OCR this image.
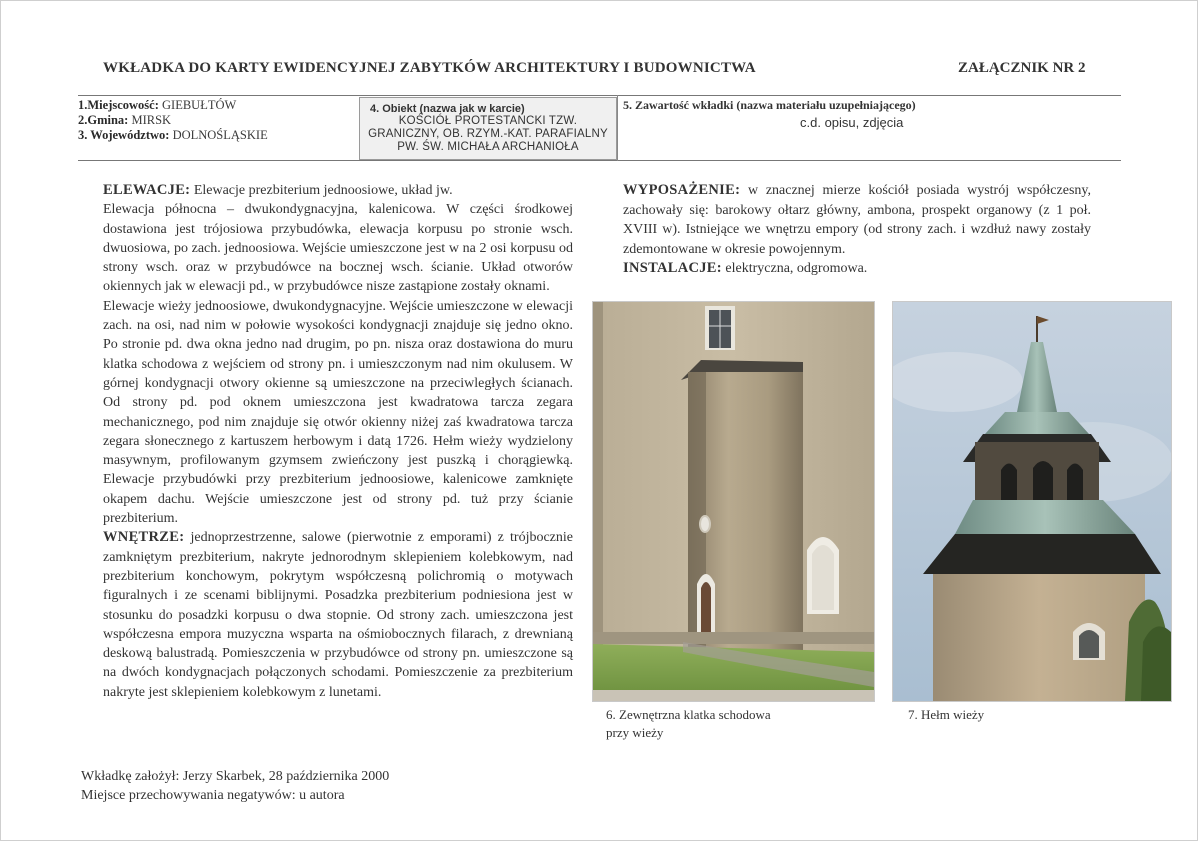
WKŁADKA DO KARTY EWIDENCYJNEJ ZABYTKÓW ARCHITEKTURY I BUDOWNICTWA	ZAŁĄCZNIK NR 2
1.Miejscowość: GIEBUŁTÓW
2.Gmina: MIRSK
3. Województwo: DOLNOŚLĄSKIE
4. Obiekt (nazwa jak w karcie)
KOŚCIÓŁ PROTESTANCKI TZW.
GRANICZNY, OB. RZYM.-KAT. PARAFIALNY
PW. ŚW. MICHAŁA ARCHANIOŁA
5. Zawartość wkładki (nazwa materiału uzupełniającego)
c.d. opisu, zdjęcia

ELEWACJE: Elewacje prezbiterium jednoosiowe, układ jw.

Elewacja północna – dwukondygnacyjna, kalenicowa. W części środkowej dostawiona jest trójosiowa przybudówka, elewacja korpusu po stronie wsch. dwuosiowa, po zach. jednoosiowa. Wejście umieszczone jest w na 2 osi korpusu od strony wsch. oraz w przybudówce na bocznej wsch. ścianie. Układ otworów okiennych jak w elewacji pd., w przybudówce nisze zastąpione zostały oknami.

Elewacje wieży jednoosiowe, dwukondygnacyjne. Wejście umieszczone w elewacji zach. na osi, nad nim w połowie wysokości kondygnacji znajduje się jedno okno. Po stronie pd. dwa okna jedno nad drugim, po pn. nisza oraz dostawiona do muru klatka schodowa z wejściem od strony pn. i umieszczonym nad nim okulusem. W górnej kondygnacji otwory okienne są umieszczone na przeciwległych ścianach. Od strony pd. pod oknem umieszczona jest kwadratowa tarcza zegara mechanicznego, pod nim znajduje się otwór okienny niżej zaś kwadratowa tarcza zegara słonecznego z kartuszem herbowym i datą 1726. Hełm wieży wydzielony masywnym, profilowanym gzymsem zwieńczony jest puszką i chorągiewką. Elewacje przybudówki przy prezbiterium jednoosiowe, kalenicowe zamknięte okapem dachu. Wejście umieszczone jest od strony pd. tuż przy ścianie prezbiterium.

WNĘTRZE: jednoprzestrzenne, salowe (pierwotnie z emporami) z trójbocznie zamkniętym prezbiterium, nakryte jednorodnym sklepieniem kolebkowym, nad prezbiterium konchowym, pokrytym współczesną polichromią o motywach figuralnych i ze scenami biblijnymi. Posadzka prezbiterium podniesiona jest w stosunku do posadzki korpusu o dwa stopnie. Od strony zach. umieszczona jest współczesna empora muzyczna wsparta na ośmiobocznych filarach, z drewnianą deskową balustradą. Pomieszczenia w przybudówce od strony pn. umieszczone są na dwóch kondygnacjach połączonych schodami. Pomieszczenie za prezbiterium nakryte jest sklepieniem kolebkowym z lunetami.

WYPOSAŻENIE: w znacznej mierze kościół posiada wystrój współczesny, zachowały się: barokowy ołtarz główny, ambona, prospekt organowy (z 1 poł. XVIII w). Istniejące we wnętrzu empory (od strony zach. i wzdłuż nawy zostały zdemontowane w okresie powojennym.

INSTALACJE: elektryczna, odgromowa.

6. Zewnętrzna klatka schodowa
przy wieży
7. Hełm wieży
Wkładkę założył: Jerzy Skarbek, 28 października 2000
Miejsce przechowywania negatywów: u autora
